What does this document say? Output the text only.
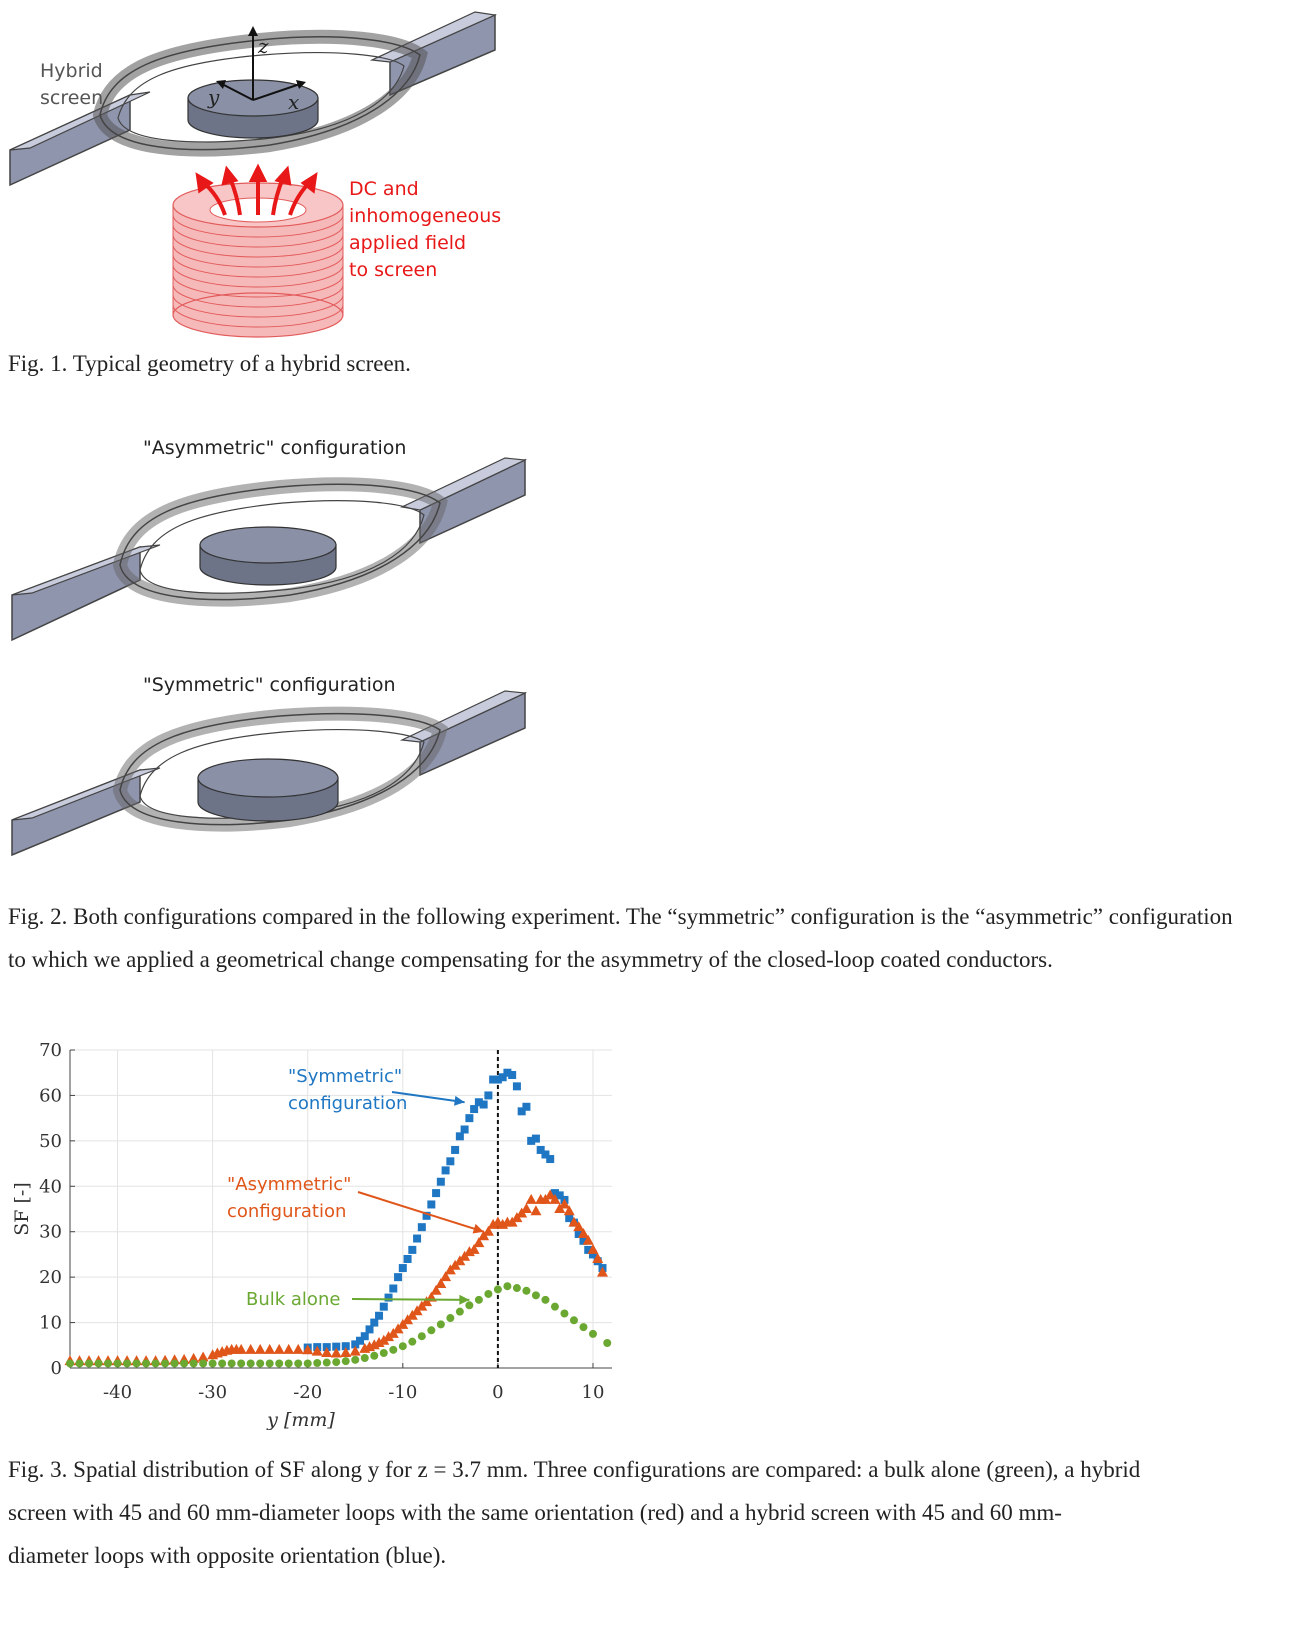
Hybrid
screen
z
y	x
DC and
inhomogeneous
applied field
to screen
Fig. 1. Typical geometry of a hybrid screen.
"Asymmetric" configuration
"Symmetric" configuration
Fig. 2. Both configurations compared in the following experiment. The “symmetric” configuration is the “asymmetric” configuration
to which we applied a geometrical change compensating for the asymmetry of the closed-loop coated conductors.
-40	-30	-20	-10	0	10
0
10
20
30
40
50
60
70
y [mm]
SF [-]
"Symmetric"
configuration
"Asymmetric"
configuration
Bulk alone
Fig. 3. Spatial distribution of SF along y for z = 3.7 mm. Three configurations are compared: a bulk alone (green), a hybrid
screen with 45 and 60 mm-diameter loops with the same orientation (red) and a hybrid screen with 45 and 60 mm-
diameter loops with opposite orientation (blue).
